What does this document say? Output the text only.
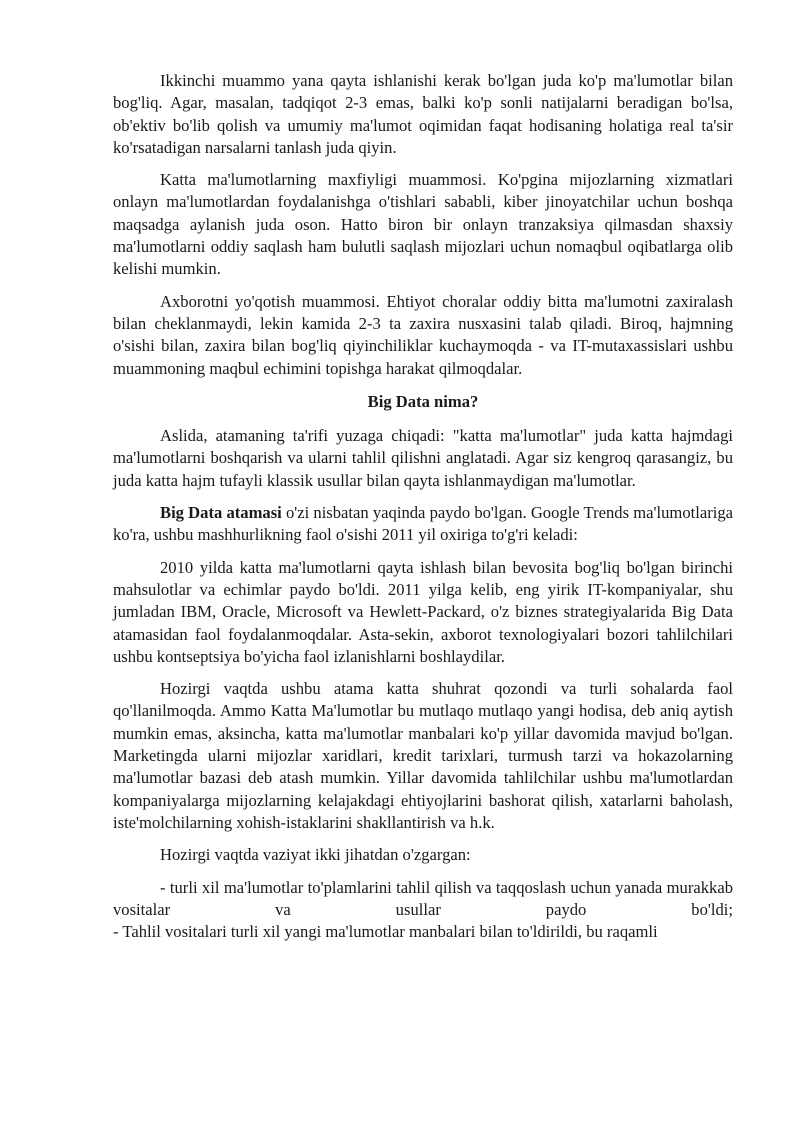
Ikkinchi muammo yana qayta ishlanishi kerak bo'lgan juda ko'p ma'lumotlar bilan bog'liq. Agar, masalan, tadqiqot 2-3 emas, balki ko'p sonli natijalarni beradigan bo'lsa, ob'ektiv bo'lib qolish va umumiy ma'lumot oqimidan faqat hodisaning holatiga real ta'sir ko'rsatadigan narsalarni tanlash juda qiyin.

Katta ma'lumotlarning maxfiyligi muammosi. Ko'pgina mijozlarning xizmatlari onlayn ma'lumotlardan foydalanishga o'tishlari sababli, kiber jinoyatchilar uchun boshqa maqsadga aylanish juda oson. Hatto biron bir onlayn tranzaksiya qilmasdan shaxsiy ma'lumotlarni oddiy saqlash ham bulutli saqlash mijozlari uchun nomaqbul oqibatlarga olib kelishi mumkin.

Axborotni yo'qotish muammosi. Ehtiyot choralar oddiy bitta ma'lumotni zaxiralash bilan cheklanmaydi, lekin kamida 2-3 ta zaxira nusxasini talab qiladi. Biroq, hajmning o'sishi bilan, zaxira bilan bog'liq qiyinchiliklar kuchaymoqda - va IT-mutaxassislari ushbu muammoning maqbul echimini topishga harakat qilmoqdalar.

Big Data nima?

Aslida, atamaning ta'rifi yuzaga chiqadi: "katta ma'lumotlar" juda katta hajmdagi ma'lumotlarni boshqarish va ularni tahlil qilishni anglatadi. Agar siz kengroq qarasangiz, bu juda katta hajm tufayli klassik usullar bilan qayta ishlanmaydigan ma'lumotlar.

Big Data atamasi o'zi nisbatan yaqinda paydo bo'lgan. Google Trends ma'lumotlariga ko'ra, ushbu mashhurlikning faol o'sishi 2011 yil oxiriga to'g'ri keladi:

2010 yilda katta ma'lumotlarni qayta ishlash bilan bevosita bog'liq bo'lgan birinchi mahsulotlar va echimlar paydo bo'ldi. 2011 yilga kelib, eng yirik IT-kompaniyalar, shu jumladan IBM, Oracle, Microsoft va Hewlett-Packard, o'z biznes strategiyalarida Big Data atamasidan faol foydalanmoqdalar. Asta-sekin, axborot texnologiyalari bozori tahlilchilari ushbu kontseptsiya bo'yicha faol izlanishlarni boshlaydilar.

Hozirgi vaqtda ushbu atama katta shuhrat qozondi va turli sohalarda faol qo'llanilmoqda. Ammo Katta Ma'lumotlar bu mutlaqo mutlaqo yangi hodisa, deb aniq aytish mumkin emas, aksincha, katta ma'lumotlar manbalari ko'p yillar davomida mavjud bo'lgan. Marketingda ularni mijozlar xaridlari, kredit tarixlari, turmush tarzi va hokazolarning ma'lumotlar bazasi deb atash mumkin. Yillar davomida tahlilchilar ushbu ma'lumotlardan kompaniyalarga mijozlarning kelajakdagi ehtiyojlarini bashorat qilish, xatarlarni baholash, iste'molchilarning xohish-istaklarini shakllantirish va h.k.

Hozirgi vaqtda vaziyat ikki jihatdan o'zgargan:

- turli xil ma'lumotlar to'plamlarini tahlil qilish va taqqoslash uchun yanada murakkab vositalar va usullar paydo bo'ldi;

- Tahlil vositalari turli xil yangi ma'lumotlar manbalari bilan to'ldirildi, bu raqamli
